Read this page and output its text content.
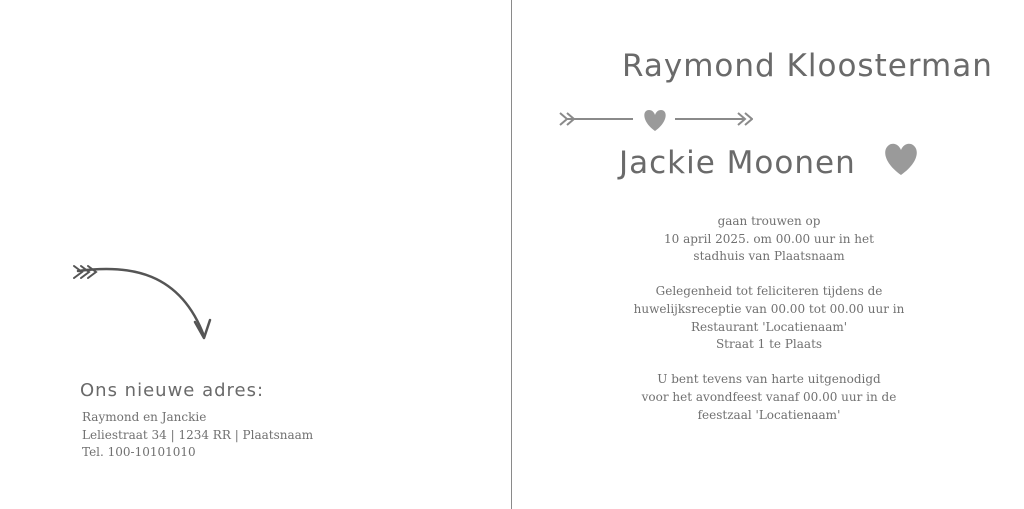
Ons nieuwe adres:
Raymond en Janckie
Leliestraat 34 | 1234 RR | Plaatsnaam
Tel. 100-10101010
Raymond Kloosterman
Jackie Moonen

gaan trouwen op
10 april 2025. om 00.00 uur in het
stadhuis van Plaatsnaam

Gelegenheid tot feliciteren tijdens de
huwelijksreceptie van 00.00 tot 00.00 uur in
Restaurant 'Locatienaam'
Straat 1 te Plaats

U bent tevens van harte uitgenodigd
voor het avondfeest vanaf 00.00 uur in de
feestzaal 'Locatienaam'
